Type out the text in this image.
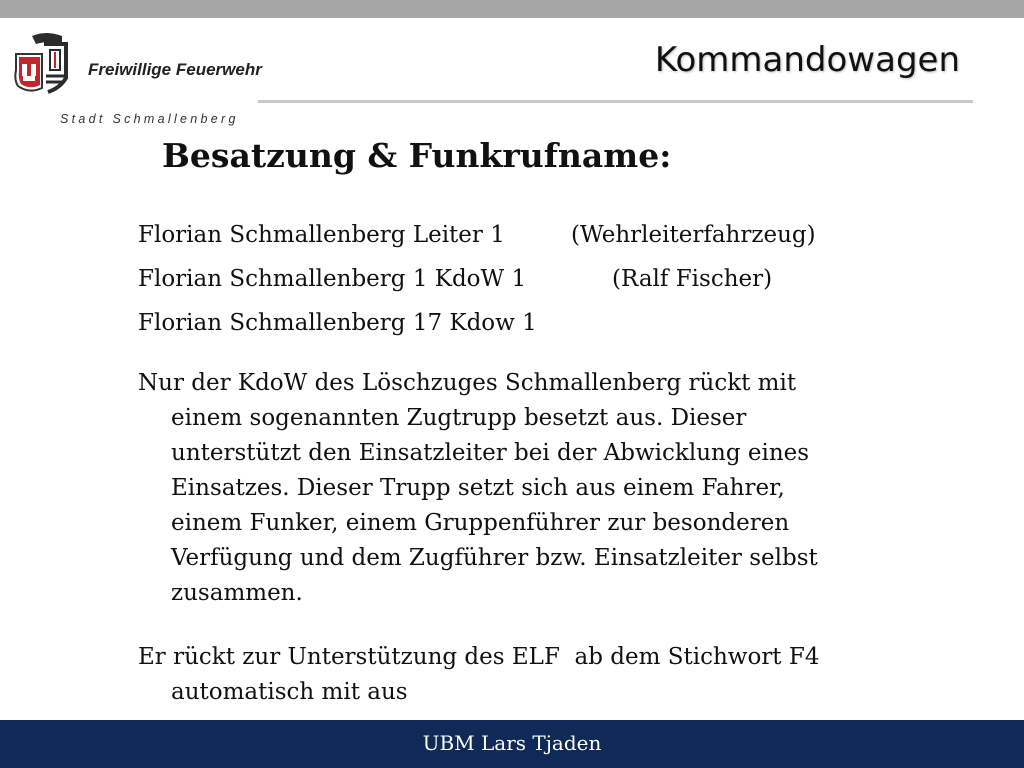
Freiwillige Feuerwehr
Stadt Schmallenberg
Kommandowagen
Besatzung & Funkrufname:
Florian Schmallenberg Leiter 1	(Wehrleiterfahrzeug)
Florian Schmallenberg 1 KdoW 1	(Ralf Fischer)
Florian Schmallenberg 17 Kdow 1
Nur der KdoW des Löschzuges Schmallenberg rückt mit
einem sogenannten Zugtrupp besetzt aus. Dieser
unterstützt den Einsatzleiter bei der Abwicklung eines
Einsatzes. Dieser Trupp setzt sich aus einem Fahrer,
einem Funker, einem Gruppenführer zur besonderen
Verfügung und dem Zugführer bzw. Einsatzleiter selbst
zusammen.
Er rückt zur Unterstützung des ELF  ab dem Stichwort F4
automatisch mit aus
UBM Lars Tjaden
